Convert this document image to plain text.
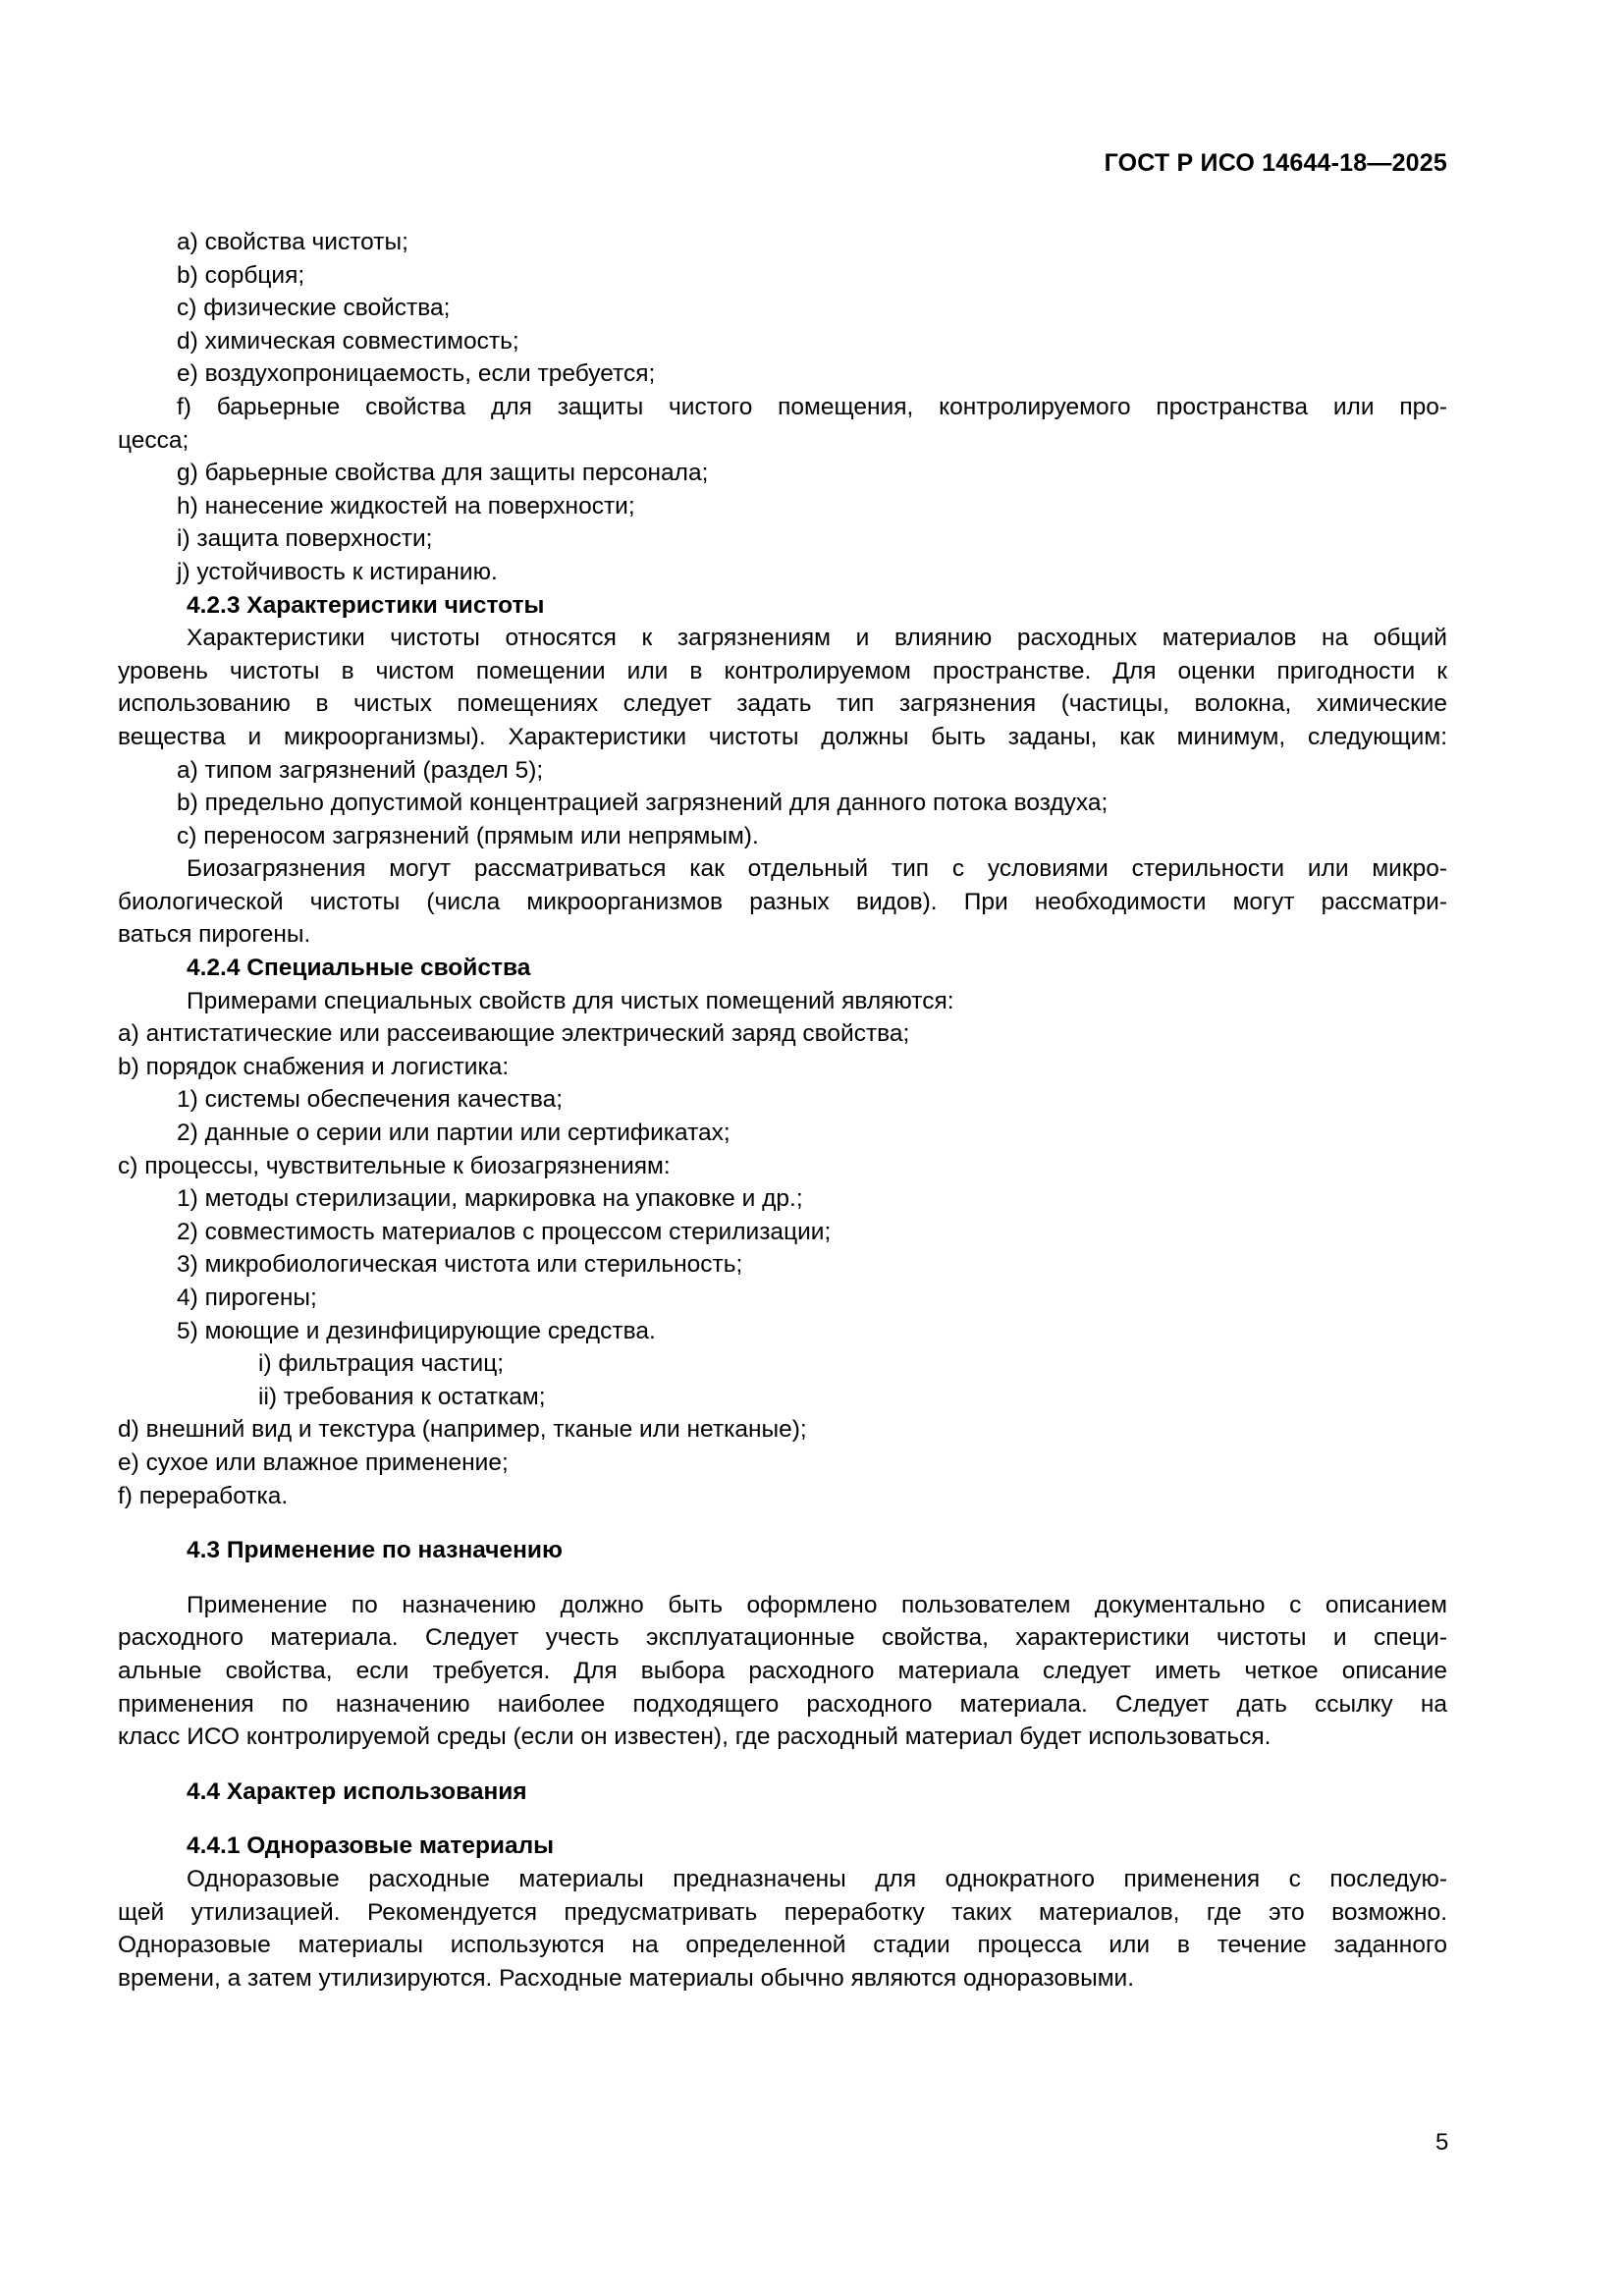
ГОСТ Р ИСО 14644-18—2025
a) свойства чистоты;
b) сорбция;
c) физические свойства;
d) химическая совместимость;
e) воздухопроницаемость, если требуется;
f) барьерные свойства для защиты чистого помещения, контролируемого пространства или про-
цесса;
g) барьерные свойства для защиты персонала;
h) нанесение жидкостей на поверхности;
i) защита поверхности;
j) устойчивость к истиранию.
4.2.3 Характеристики чистоты
Характеристики чистоты относятся к загрязнениям и влиянию расходных материалов на общий
уровень чистоты в чистом помещении или в контролируемом пространстве. Для оценки пригодности к
использованию в чистых помещениях следует задать тип загрязнения (частицы, волокна, химические
вещества и микроорганизмы). Характеристики чистоты должны быть заданы, как минимум, следующим:
a) типом загрязнений (раздел 5);
b) предельно допустимой концентрацией загрязнений для данного потока воздуха;
c) переносом загрязнений (прямым или непрямым).
Биозагрязнения могут рассматриваться как отдельный тип с условиями стерильности или микро-
биологической чистоты (числа микроорганизмов разных видов). При необходимости могут рассматри-
ваться пирогены.
4.2.4 Специальные свойства
Примерами специальных свойств для чистых помещений являются:
a) антистатические или рассеивающие электрический заряд свойства;
b) порядок снабжения и логистика:
1) системы обеспечения качества;
2) данные о серии или партии или сертификатах;
c) процессы, чувствительные к биозагрязнениям:
1) методы стерилизации, маркировка на упаковке и др.;
2) совместимость материалов с процессом стерилизации;
3) микробиологическая чистота или стерильность;
4) пирогены;
5) моющие и дезинфицирующие средства.
i) фильтрация частиц;
ii) требования к остаткам;
d) внешний вид и текстура (например, тканые или нетканые);
e) сухое или влажное применение;
f) переработка.
4.3 Применение по назначению
Применение по назначению должно быть оформлено пользователем документально с описанием
расходного материала. Следует учесть эксплуатационные свойства, характеристики чистоты и специ-
альные свойства, если требуется. Для выбора расходного материала следует иметь четкое описание
применения по назначению наиболее подходящего расходного материала. Следует дать ссылку на
класс ИСО контролируемой среды (если он известен), где расходный материал будет использоваться.
4.4 Характер использования
4.4.1 Одноразовые материалы
Одноразовые расходные материалы предназначены для однократного применения с последую-
щей утилизацией. Рекомендуется предусматривать переработку таких материалов, где это возможно.
Одноразовые материалы используются на определенной стадии процесса или в течение заданного
времени, а затем утилизируются. Расходные материалы обычно являются одноразовыми.
5
